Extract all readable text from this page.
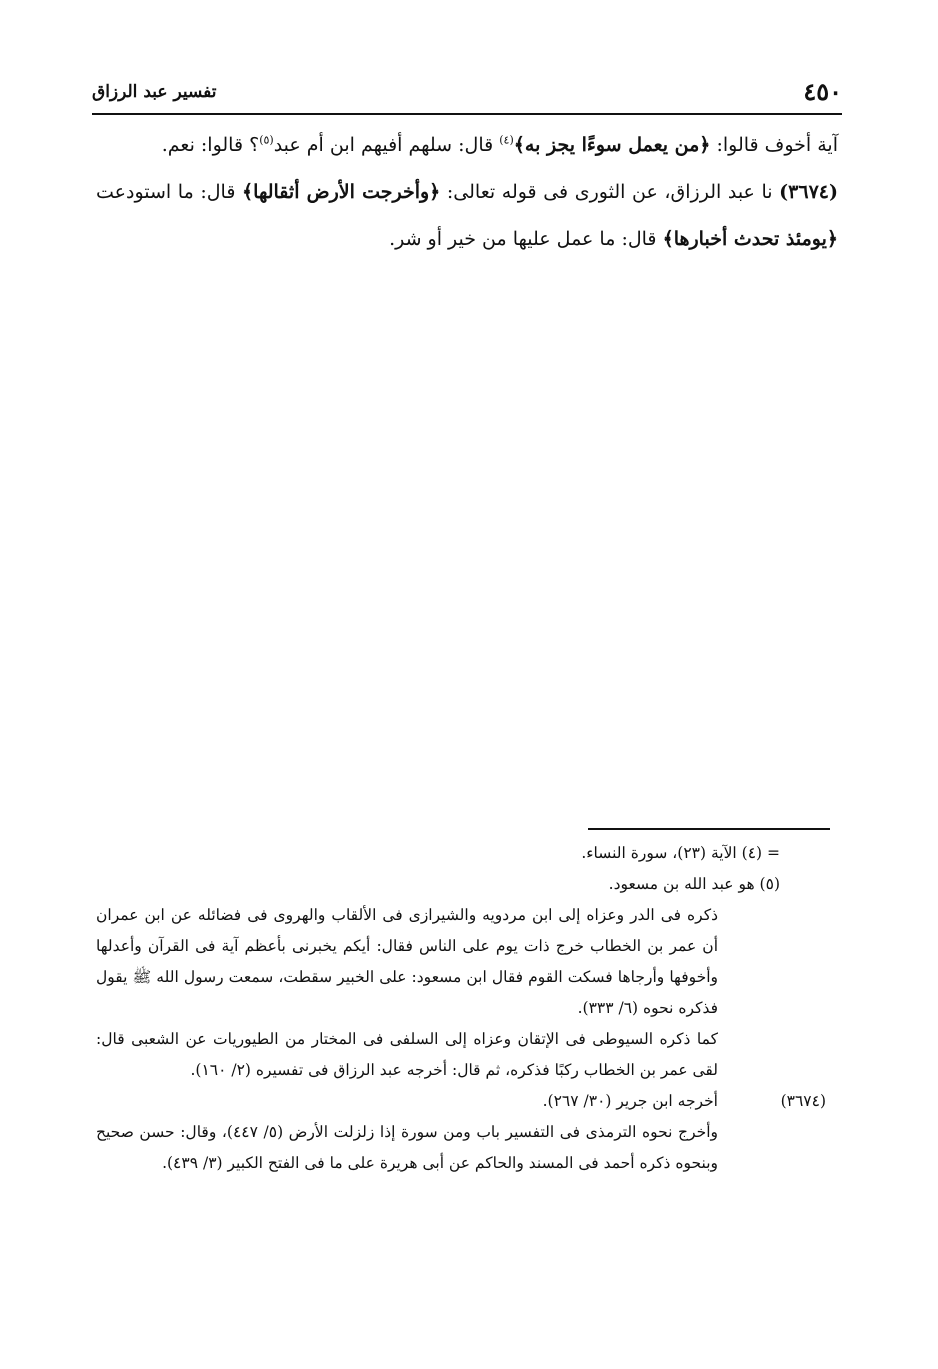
٤٥٠
تفسير عبد الرزاق

آية أخوف قالوا: ﴿من يعمل سوءًا يجز به﴾$^{(٤)}$ قال: سلهم أفيهم ابن أم عبد$^{(٥)}$؟ قالوا: نعم.

(٣٦٧٤) نا عبد الرزاق، عن الثورى فى قوله تعالى: ﴿وأخرجت الأرض أثقالها﴾ قال: ما استودعت ﴿يومئذ تحدث أخبارها﴾ قال: ما عمل عليها من خير أو شر.

= (٤) الآية (٢٣)، سورة النساء.

(٥) هو عبد الله بن مسعود.

ذكره فى الدر وعزاه إلى ابن مردويه والشيرازى فى الألقاب والهروى فى فضائله عن ابن عمران أن عمر بن الخطاب خرج ذات يوم على الناس فقال: أيكم يخبرنى بأعظم آية فى القرآن وأعدلها وأخوفها وأرجاها فسكت القوم فقال ابن مسعود: على الخبير سقطت، سمعت رسول الله ﷺ يقول فذكره نحوه (٦/ ٣٣٣).

كما ذكره السيوطى فى الإتقان وعزاه إلى السلفى فى المختار من الطيوريات عن الشعبى قال: لقى عمر بن الخطاب ركبًا فذكره، ثم قال: أخرجه عبد الرزاق فى تفسيره (٢/ ١٦٠).

(٣٦٧٤)
أخرجه ابن جرير (٣٠/ ٢٦٧).

وأخرج نحوه الترمذى فى التفسير باب ومن سورة إذا زلزلت الأرض (٥/ ٤٤٧)، وقال: حسن صحيح وبنحوه ذكره أحمد فى المسند والحاكم عن أبى هريرة على ما فى الفتح الكبير (٣/ ٤٣٩).
